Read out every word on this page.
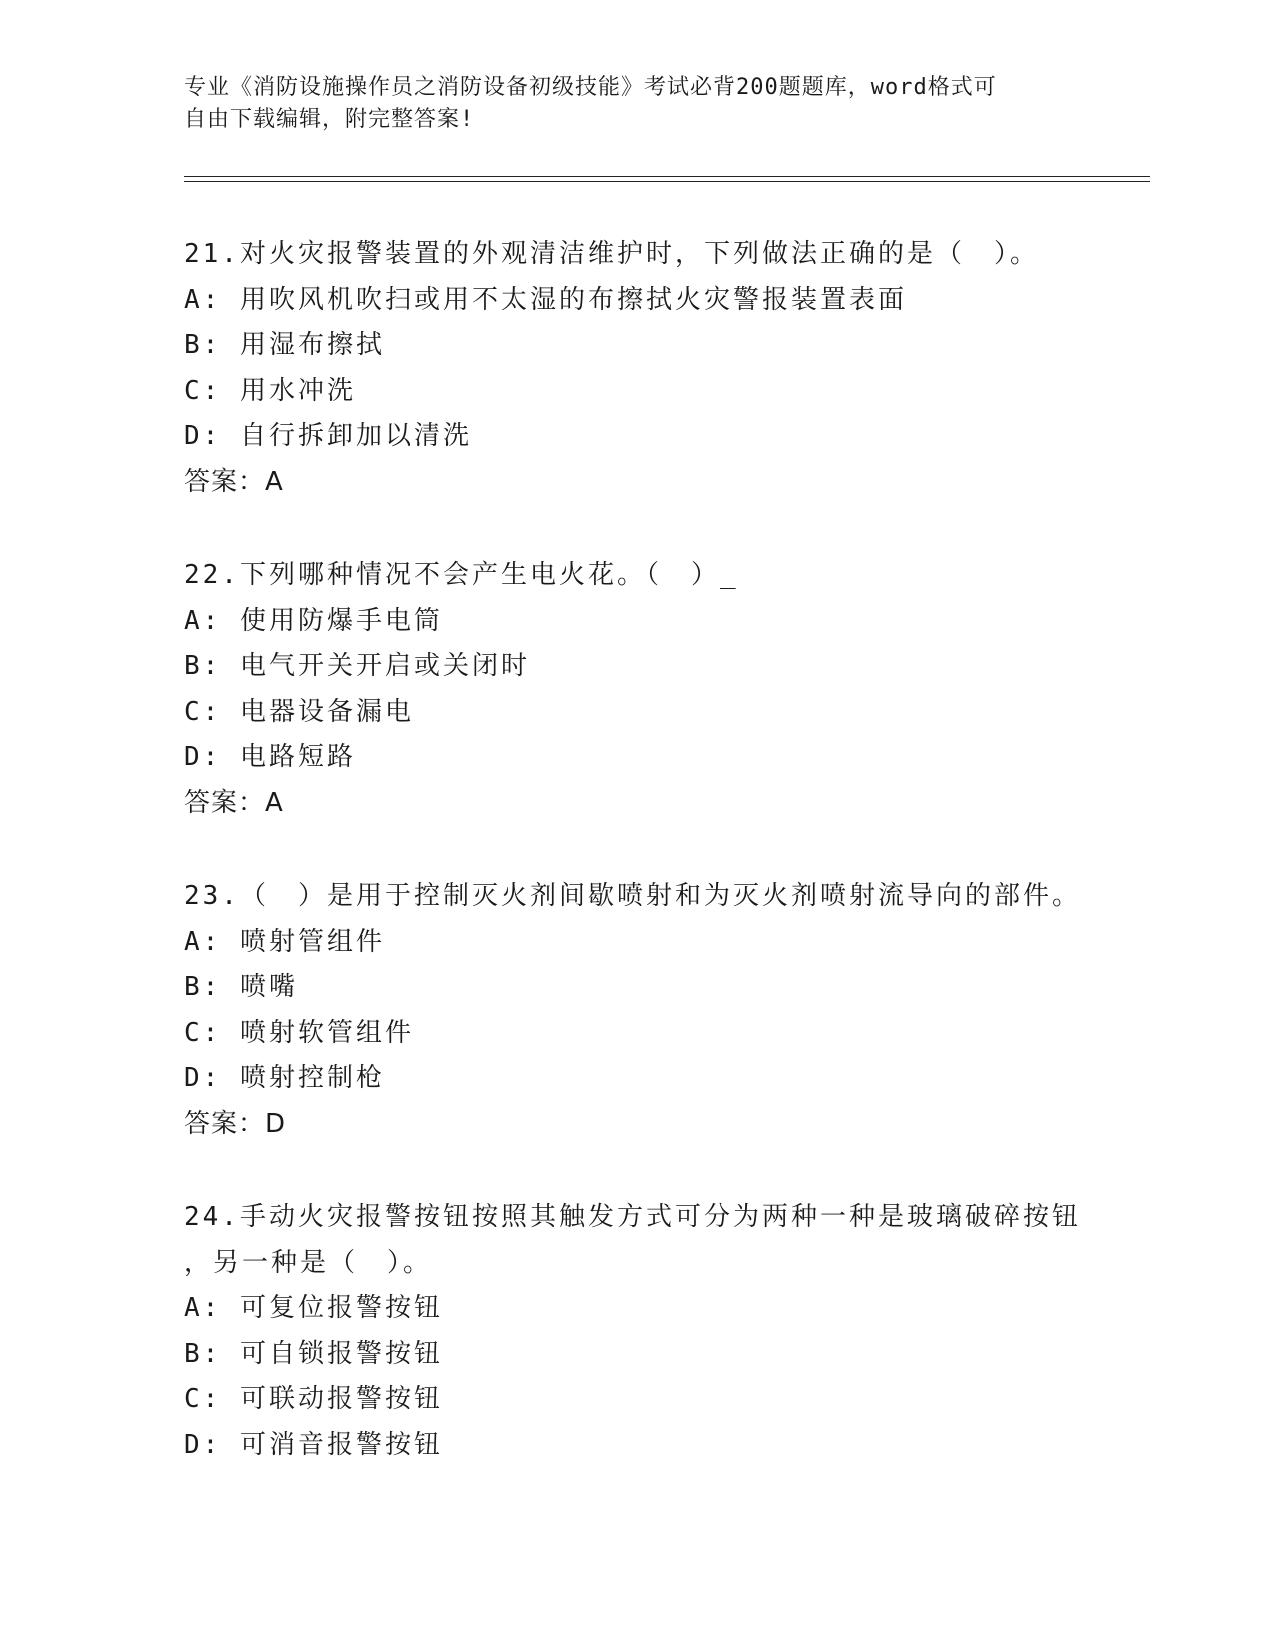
专业《消防设施操作员之消防设备初级技能》考试必背200题题库，word格式可
自由下载编辑，附完整答案!
21.对火灾报警装置的外观清洁维护时，下列做法正确的是（　）。
A: 用吹风机吹扫或用不太湿的布擦拭火灾警报装置表面
B: 用湿布擦拭
C: 用水冲洗
D: 自行拆卸加以清洗
答案：A
22.下列哪种情况不会产生电火花。（　）_
A: 使用防爆手电筒
B: 电气开关开启或关闭时
C: 电器设备漏电
D: 电路短路
答案：A
23.（　）是用于控制灭火剂间歇喷射和为灭火剂喷射流导向的部件。
A: 喷射管组件
B: 喷嘴
C: 喷射软管组件
D: 喷射控制枪
答案：D
24.手动火灾报警按钮按照其触发方式可分为两种一种是玻璃破碎按钮
，另一种是（　）。
A: 可复位报警按钮
B: 可自锁报警按钮
C: 可联动报警按钮
D: 可消音报警按钮
